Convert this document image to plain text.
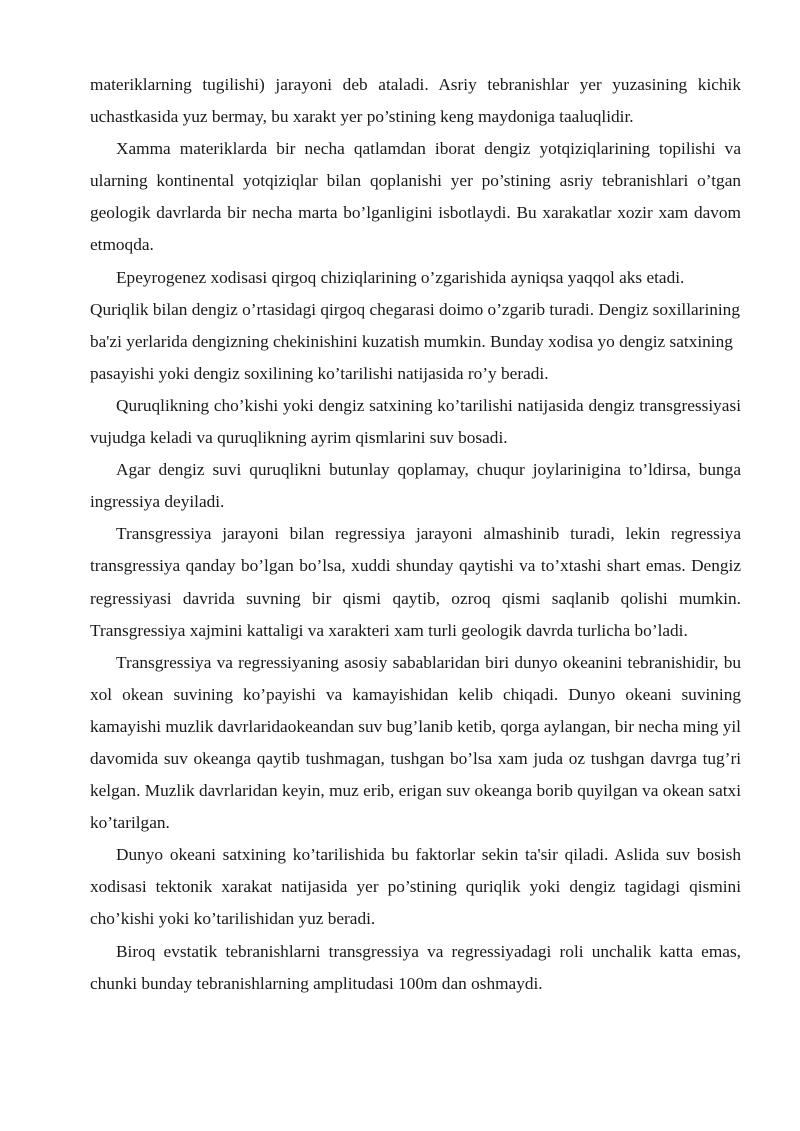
materiklarning tugilishi) jarayoni deb ataladi. Asriy tebranishlar yer yuzasining kichik uchastkasida yuz bermay, bu xarakt yer po’stining keng maydoniga taaluqlidir.

Xamma materiklarda bir necha qatlamdan iborat dengiz yotqiziqlarining topilishi va ularning kontinental yotqiziqlar bilan qoplanishi yer po’stining asriy tebranishlari o’tgan geologik davrlarda bir necha marta bo’lganligini isbotlaydi. Bu xarakatlar xozir xam davom etmoqda.

Epeyrogenez xodisasi qirgoq chiziqlarining o’zgarishida ayniqsa yaqqol aks etadi. Quriqlik bilan dengiz o’rtasidagi qirgoq chegarasi doimo o’zgarib turadi. Dengiz soxillarining ba'zi yerlarida dengizning chekinishini kuzatish mumkin. Bunday xodisa yo dengiz satxining pasayishi yoki dengiz soxilining ko’tarilishi natijasida ro’y beradi.

Quruqlikning cho’kishi yoki dengiz satxining ko’tarilishi natijasida dengiz transgressiyasi vujudga keladi va quruqlikning ayrim qismlarini suv bosadi.

Agar dengiz suvi quruqlikni butunlay qoplamay, chuqur joylarinigina to’ldirsa, bunga ingressiya deyiladi.

Transgressiya jarayoni bilan regressiya jarayoni almashinib turadi, lekin regressiya transgressiya qanday bo’lgan bo’lsa, xuddi shunday qaytishi va to’xtashi shart emas. Dengiz regressiyasi davrida suvning bir qismi qaytib, ozroq qismi saqlanib qolishi mumkin. Transgressiya xajmini kattaligi va xarakteri xam turli geologik davrda turlicha bo’ladi.

Transgressiya va regressiyaning asosiy sabablaridan biri dunyo okeanini tebranishidir, bu xol okean suvining ko’payishi va kamayishidan kelib chiqadi. Dunyo okeani suvining kamayishi muzlik davrlaridaokeandan suv bug’lanib ketib, qorga aylangan, bir necha ming yil davomida suv okeanga qaytib tushmagan, tushgan bo’lsa xam juda oz tushgan davrga tug’ri kelgan. Muzlik davrlaridan keyin, muz erib, erigan suv okeanga borib quyilgan va okean satxi ko’tarilgan.

Dunyo okeani satxining ko’tarilishida bu faktorlar sekin ta'sir qiladi. Aslida suv bosish xodisasi tektonik xarakat natijasida yer po’stining quriqlik yoki dengiz tagidagi qismini cho’kishi yoki ko’tarilishidan yuz beradi.

Biroq evstatik tebranishlarni transgressiya va regressiyadagi roli unchalik katta emas, chunki bunday tebranishlarning amplitudasi 100m dan oshmaydi.
